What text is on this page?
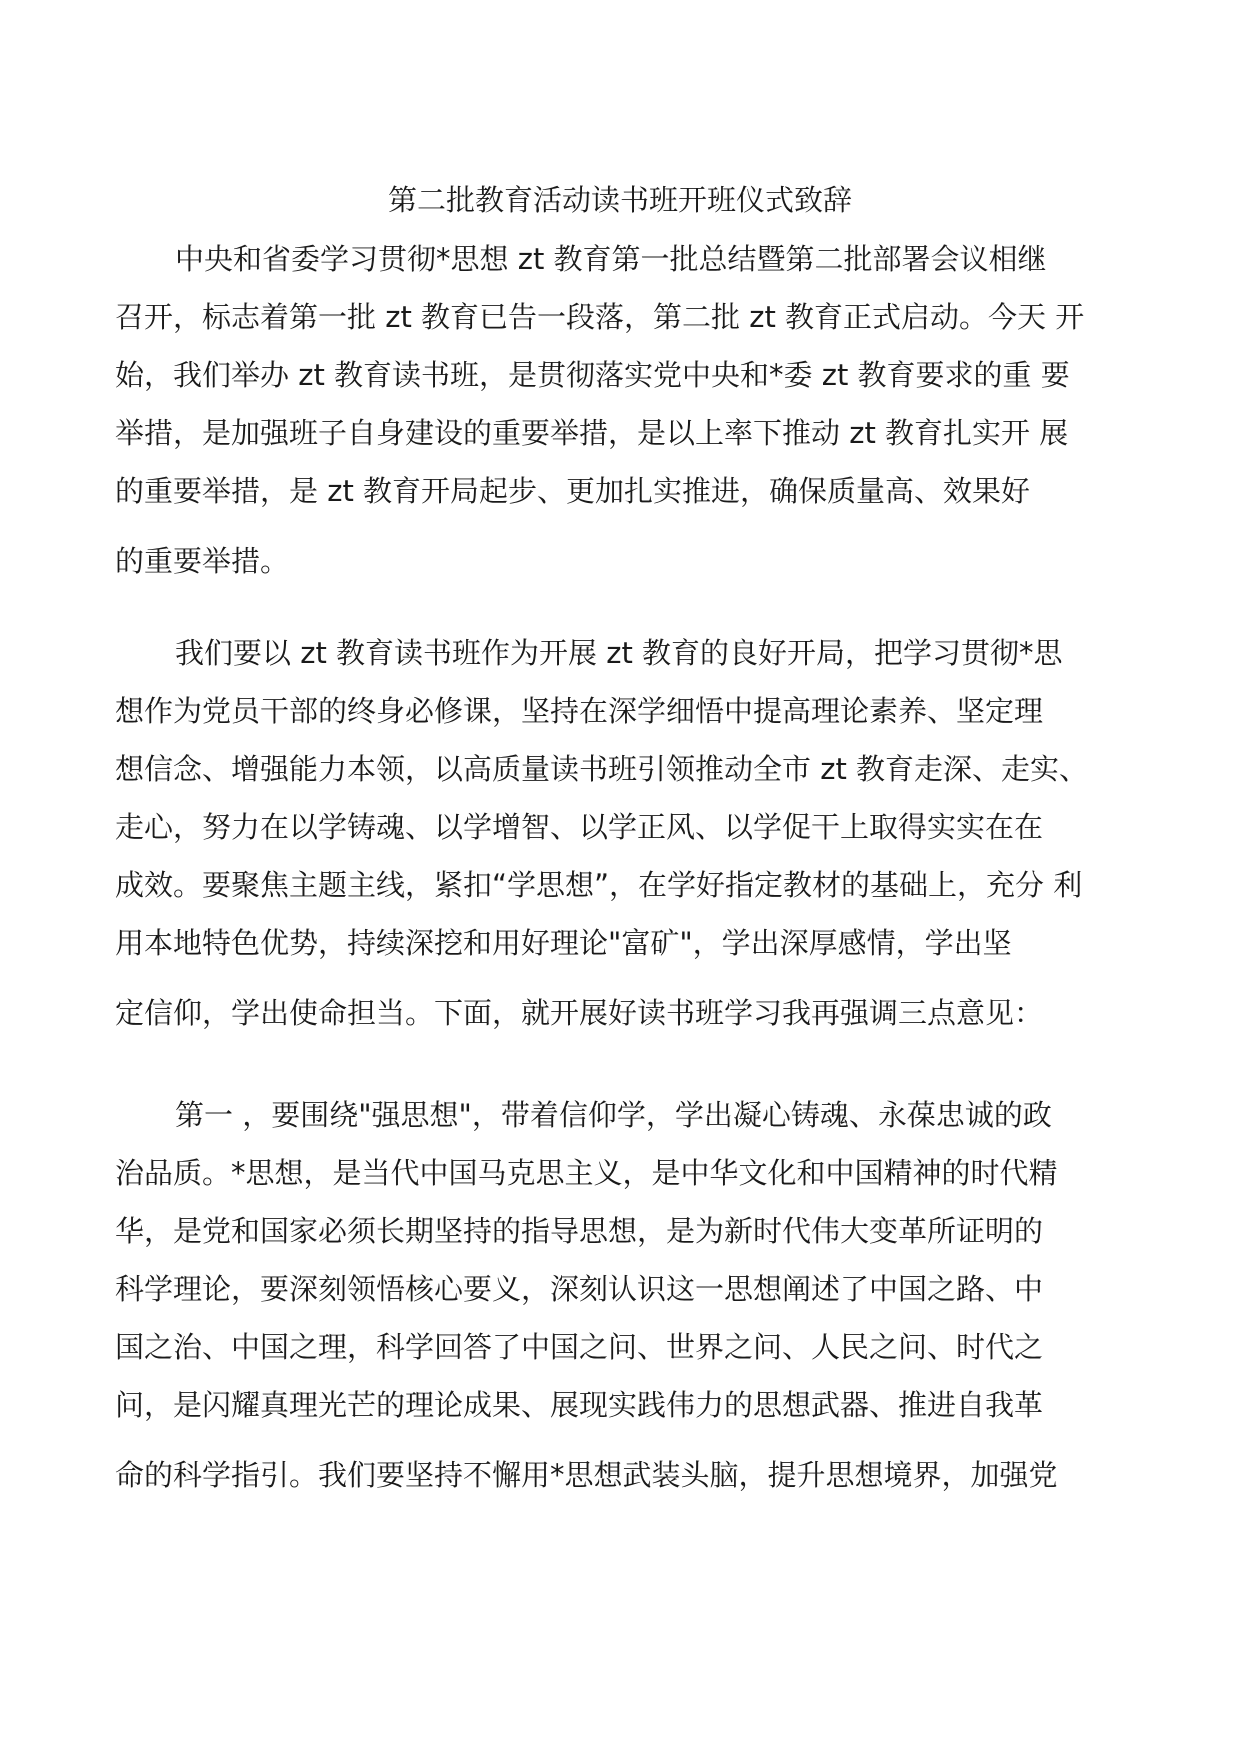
第二批教育活动读书班开班仪式致辞
中央和省委学习贯彻*思想 zt 教育第一批总结暨第二批部署会议相继
召开，标志着第一批 zt 教育已告一段落，第二批 zt 教育正式启动。今天 开
始，我们举办 zt 教育读书班，是贯彻落实党中央和*委 zt 教育要求的重 要
举措，是加强班子自身建设的重要举措，是以上率下推动 zt 教育扎实开 展
的重要举措，是 zt 教育开局起步、更加扎实推进，确保质量高、效果好
的重要举措。
我们要以 zt 教育读书班作为开展 zt 教育的良好开局，把学习贯彻*思
想作为党员干部的终身必修课，坚持在深学细悟中提高理论素养、坚定理
想信念、增强能力本领，以高质量读书班引领推动全市 zt 教育走深、走实、
走心，努力在以学铸魂、以学增智、以学正风、以学促干上取得实实在在
成效。要聚焦主题主线，紧扣“学思想”，在学好指定教材的基础上，充分 利
用本地特色优势，持续深挖和用好理论"富矿"，学出深厚感情，学出坚
定信仰，学出使命担当。下面，就开展好读书班学习我再强调三点意见：
第一 ，要围绕"强思想"，带着信仰学，学出凝心铸魂、永葆忠诚的政
治品质。*思想，是当代中国马克思主义，是中华文化和中国精神的时代精
华，是党和国家必须长期坚持的指导思想，是为新时代伟大变革所证明的
科学理论，要深刻领悟核心要义，深刻认识这一思想阐述了中国之路、中
国之治、中国之理，科学回答了中国之问、世界之问、人民之问、时代之
问，是闪耀真理光芒的理论成果、展现实践伟力的思想武器、推进自我革
命的科学指引。我们要坚持不懈用*思想武装头脑，提升思想境界，加强党
